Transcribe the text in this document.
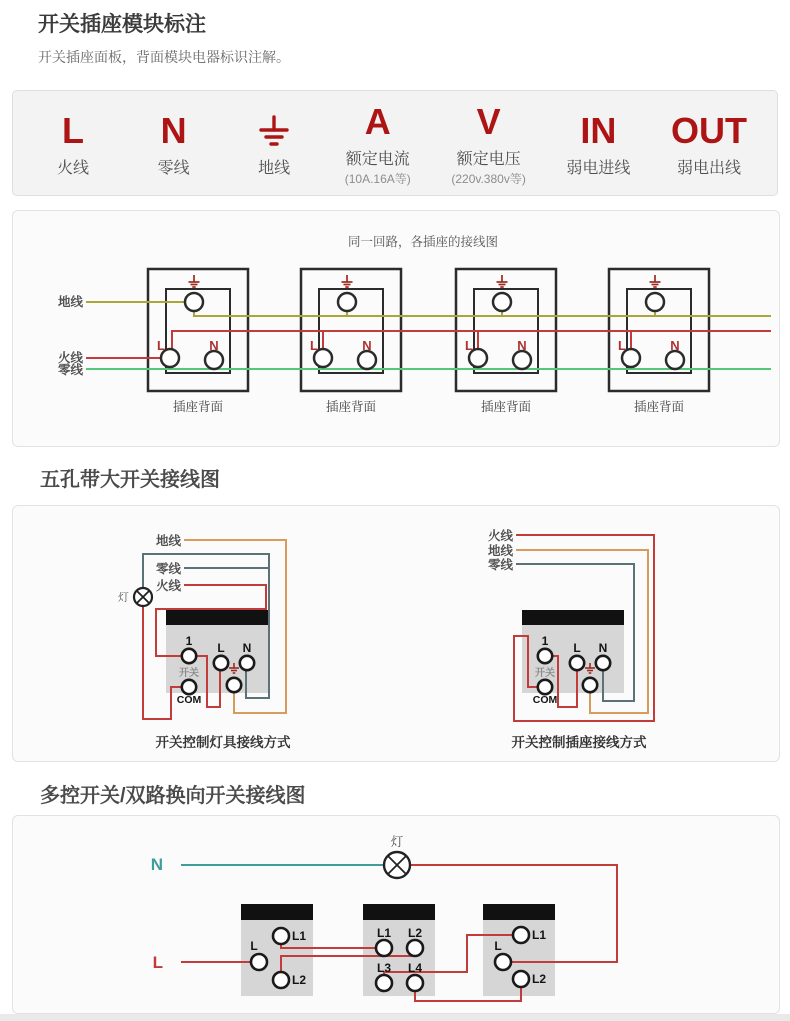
开关插座模块标注
开关插座面板，背面模块电器标识注解。
L
火线
N
零线	地线
A
额定电流
(10A.16A等)
V
额定电压
(220v.380v等)
IN
弱电进线
OUT
弱电出线
同一回路，各插座的接线图
地线
火线
零线
L	N	L	N	L	N	L	N
插座背面	插座背面	插座背面	插座背面
五孔带大开关接线图
地线
零线
火线
灯
1 L N
开关
COM
开关控制灯具接线方式
火线
地线
零线
1 L N
开关
COM
开关控制插座接线方式
多控开关/双路换向开关接线图
灯
N
L
L1
L
L2
L1 L2
L3 L4
L1
L
L2
